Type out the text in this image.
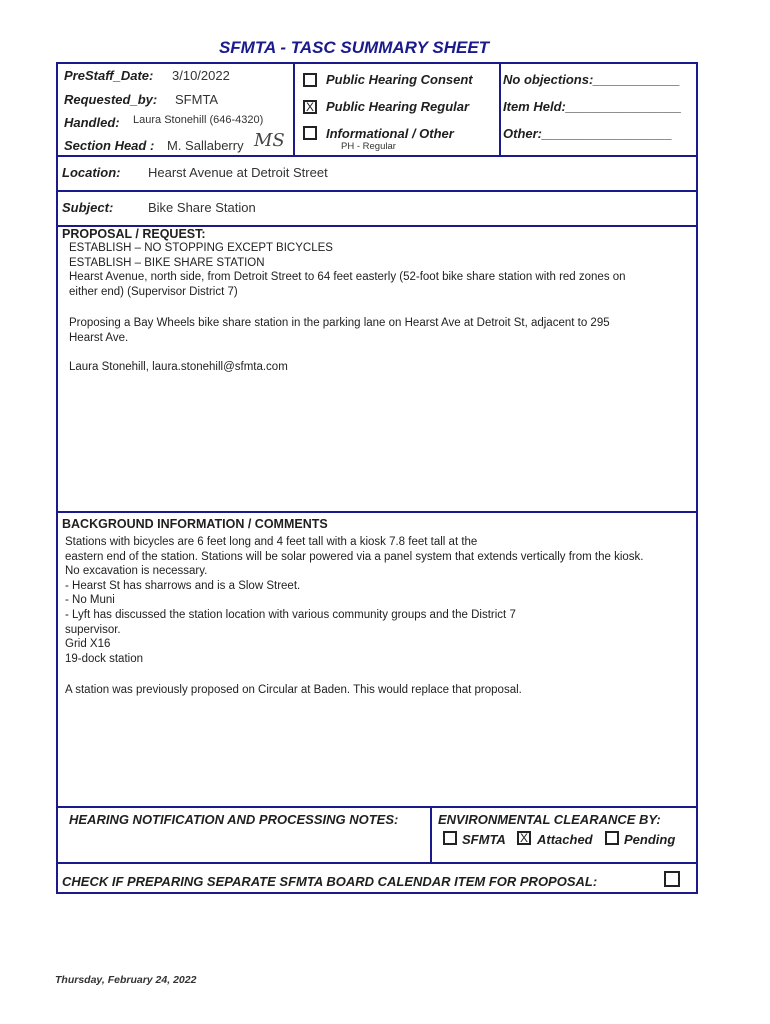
SFMTA - TASC SUMMARY SHEET
PreStaff_Date: 3/10/2022
Requested_by: SFMTA
Handled: Laura Stonehill (646-4320)
Section Head : M. Sallaberry MS
Public Hearing Consent
X Public Hearing Regular
Informational / Other
PH - Regular
No objections:____________
Item Held:________________
Other:__________________
Location: Hearst Avenue at Detroit Street
Subject:	Bike Share Station
PROPOSAL / REQUEST:
ESTABLISH – NO STOPPING EXCEPT BICYCLES
ESTABLISH – BIKE SHARE STATION
Hearst Avenue, north side, from Detroit Street to 64 feet easterly (52-foot bike share station with red zones on
either end) (Supervisor District 7)
Proposing a Bay Wheels bike share station in the parking lane on Hearst Ave at Detroit St, adjacent to 295
Hearst Ave.
Laura Stonehill, laura.stonehill@sfmta.com
BACKGROUND INFORMATION / COMMENTS
Stations with bicycles are 6 feet long and 4 feet tall with a kiosk 7.8 feet tall at the
eastern end of the station. Stations will be solar powered via a panel system that extends vertically from the kiosk.
No excavation is necessary.
- Hearst St has sharrows and is a Slow Street.
- No Muni
- Lyft has discussed the station location with various community groups and the District 7
supervisor.
Grid X16
19-dock station
A station was previously proposed on Circular at Baden. This would replace that proposal.
HEARING NOTIFICATION AND PROCESSING NOTES:	ENVIRONMENTAL CLEARANCE BY:
SFMTA X Attached Pending
CHECK IF PREPARING SEPARATE SFMTA BOARD CALENDAR ITEM FOR PROPOSAL:
Thursday, February 24, 2022
